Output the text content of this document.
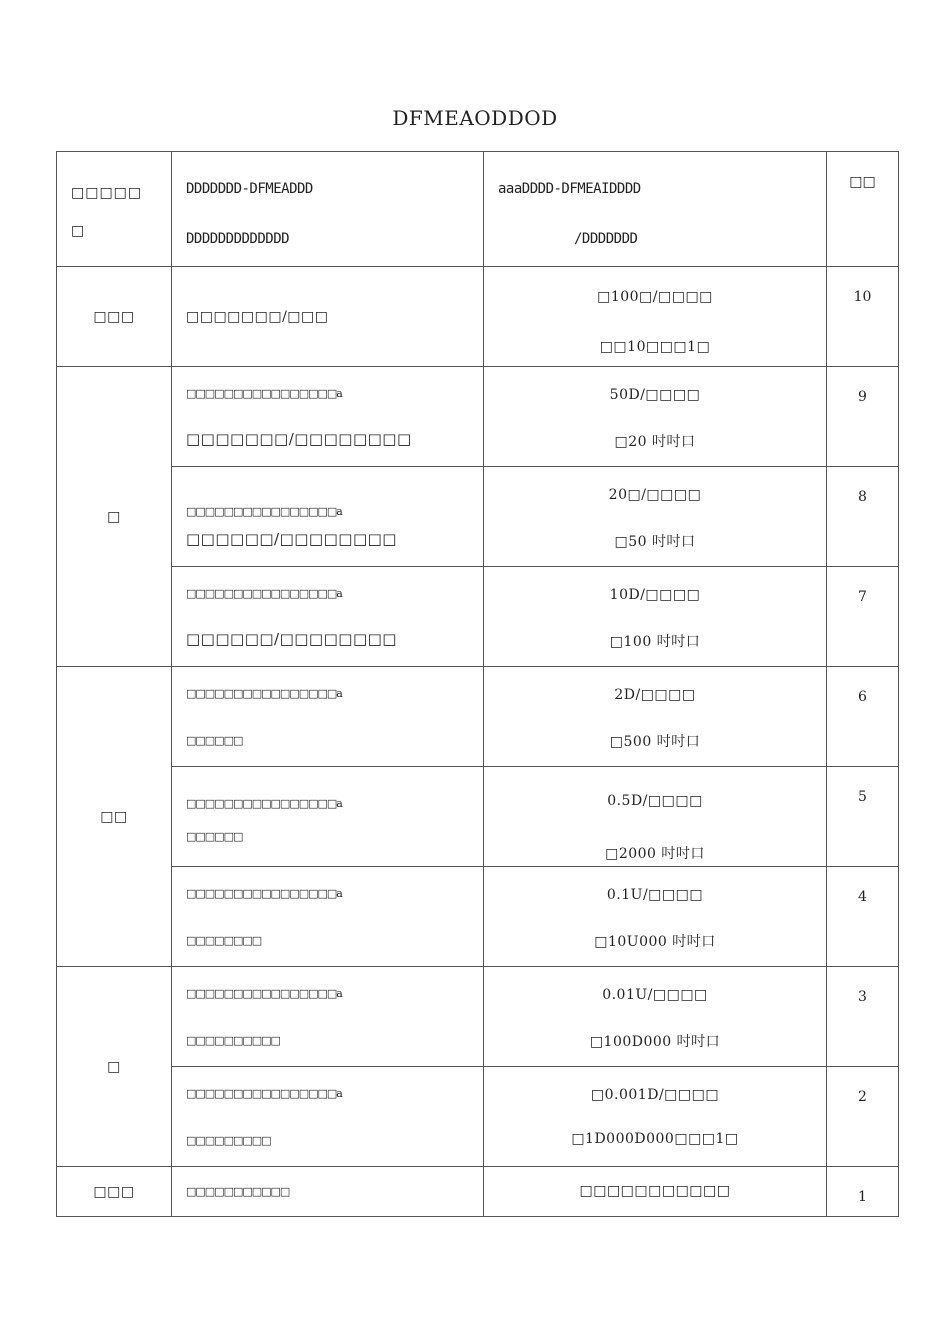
DFMEAODDOD
□□□□□
□	DDDDDDD-DFMEADDD
DDDDDDDDDDDDD	aaaDDDD-DFMEAIDDDD
/DDDDDDD	□□
□□□	□□□□□□□/□□□	□100□/□□□□
□□10□□□1□	10
□	□□□□□□□□□□□□□□□□a
□□□□□□□/□□□□□□□□	50D/□□□□
□20 吋吋口	9

	□□□□□□□□□□□□□□□□a
□□□□□□/□□□□□□□□	20□/□□□□
□50 吋吋口	8

	□□□□□□□□□□□□□□□□a
□□□□□□/□□□□□□□□	10D/□□□□
□100 吋吋口	7
□□	□□□□□□□□□□□□□□□□a
□□□□□□	2D/□□□□
□500 吋吋口	6

	□□□□□□□□□□□□□□□□a
□□□□□□	0.5D/□□□□
□2000 吋吋口	5

	□□□□□□□□□□□□□□□□a
□□□□□□□□	0.1U/□□□□
□10U000 吋吋口	4
□	□□□□□□□□□□□□□□□□a
□□□□□□□□□□	0.01U/□□□□
□100D000 吋吋口	3

	□□□□□□□□□□□□□□□□a
□□□□□□□□□	□0.001D/□□□□
□1D000D000□□□1□	2
□□□	□□□□□□□□□□□	□□□□□□□□□□□	1
